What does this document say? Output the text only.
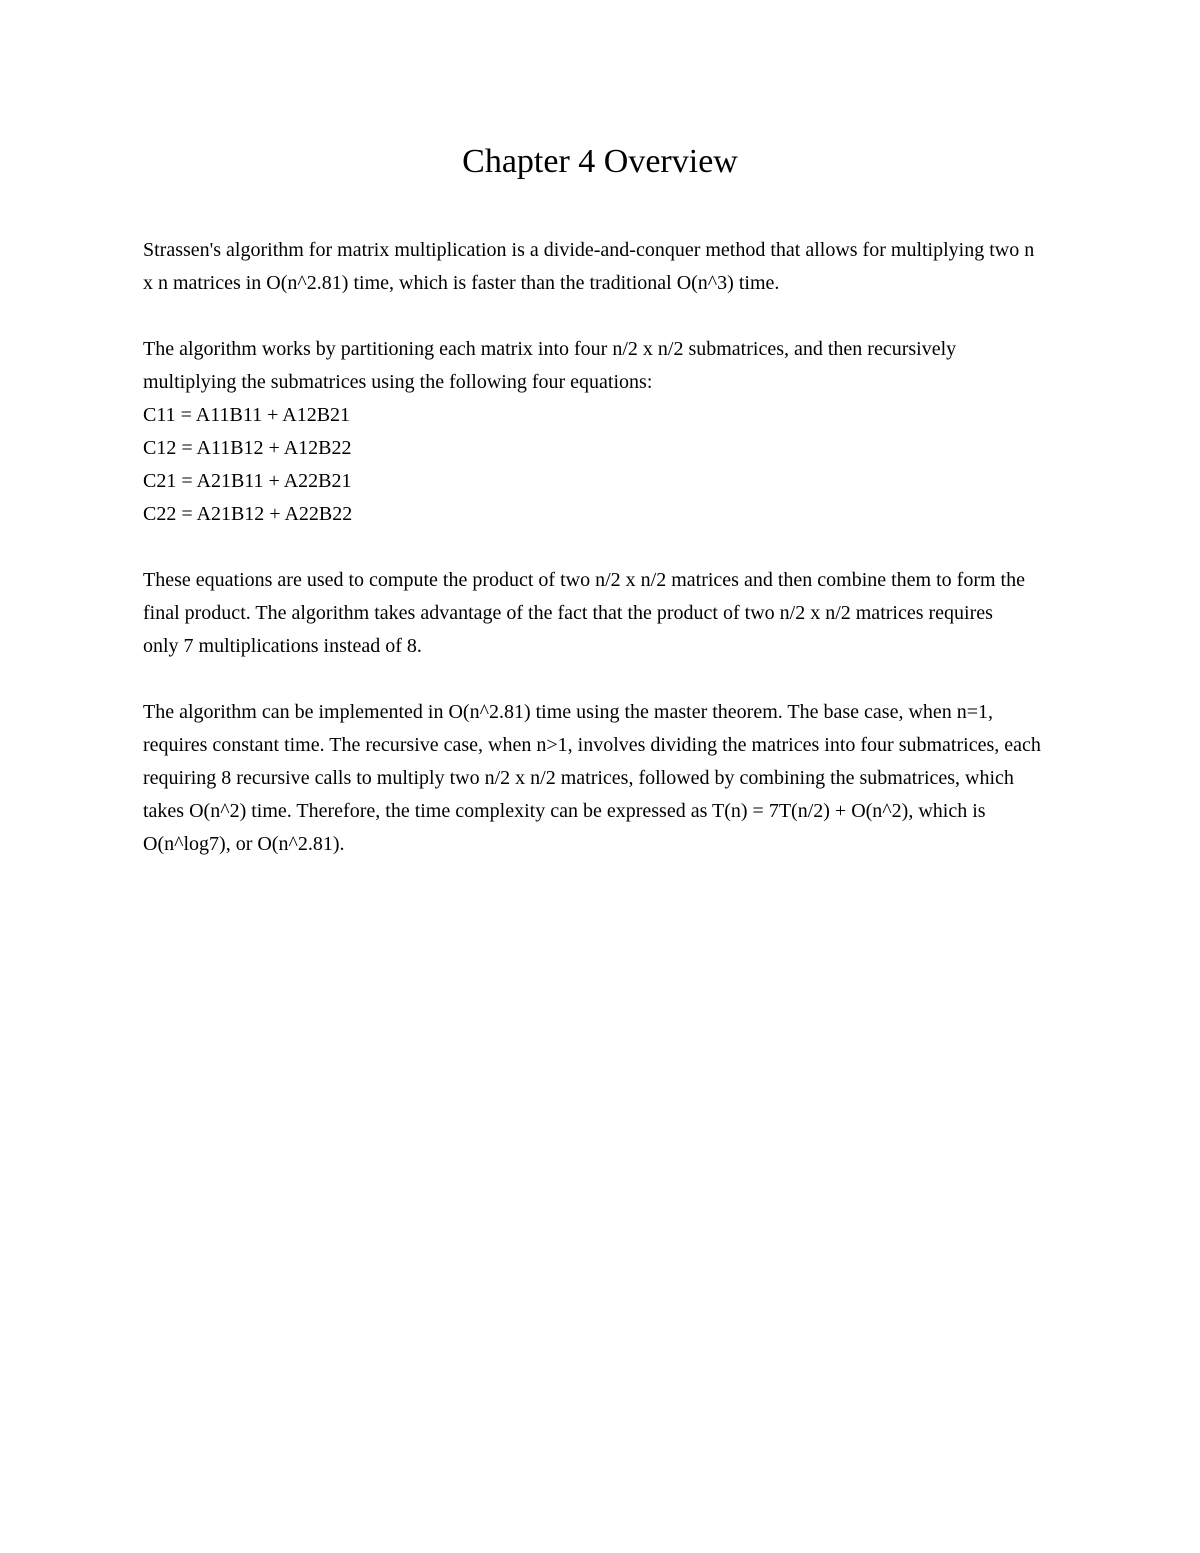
Chapter 4 Overview

Strassen's algorithm for matrix multiplication is a divide-and-conquer method that allows for multiplying two n
x n matrices in O(n^2.81) time, which is faster than the traditional O(n^3) time.

The algorithm works by partitioning each matrix into four n/2 x n/2 submatrices, and then recursively
multiplying the submatrices using the following four equations:
C11 = A11B11 + A12B21
C12 = A11B12 + A12B22
C21 = A21B11 + A22B21
C22 = A21B12 + A22B22

These equations are used to compute the product of two n/2 x n/2 matrices and then combine them to form the
final product. The algorithm takes advantage of the fact that the product of two n/2 x n/2 matrices requires
only 7 multiplications instead of 8.

The algorithm can be implemented in O(n^2.81) time using the master theorem. The base case, when n=1,
requires constant time. The recursive case, when n>1, involves dividing the matrices into four submatrices, each
requiring 8 recursive calls to multiply two n/2 x n/2 matrices, followed by combining the submatrices, which
takes O(n^2) time. Therefore, the time complexity can be expressed as T(n) = 7T(n/2) + O(n^2), which is
O(n^log7), or O(n^2.81).
